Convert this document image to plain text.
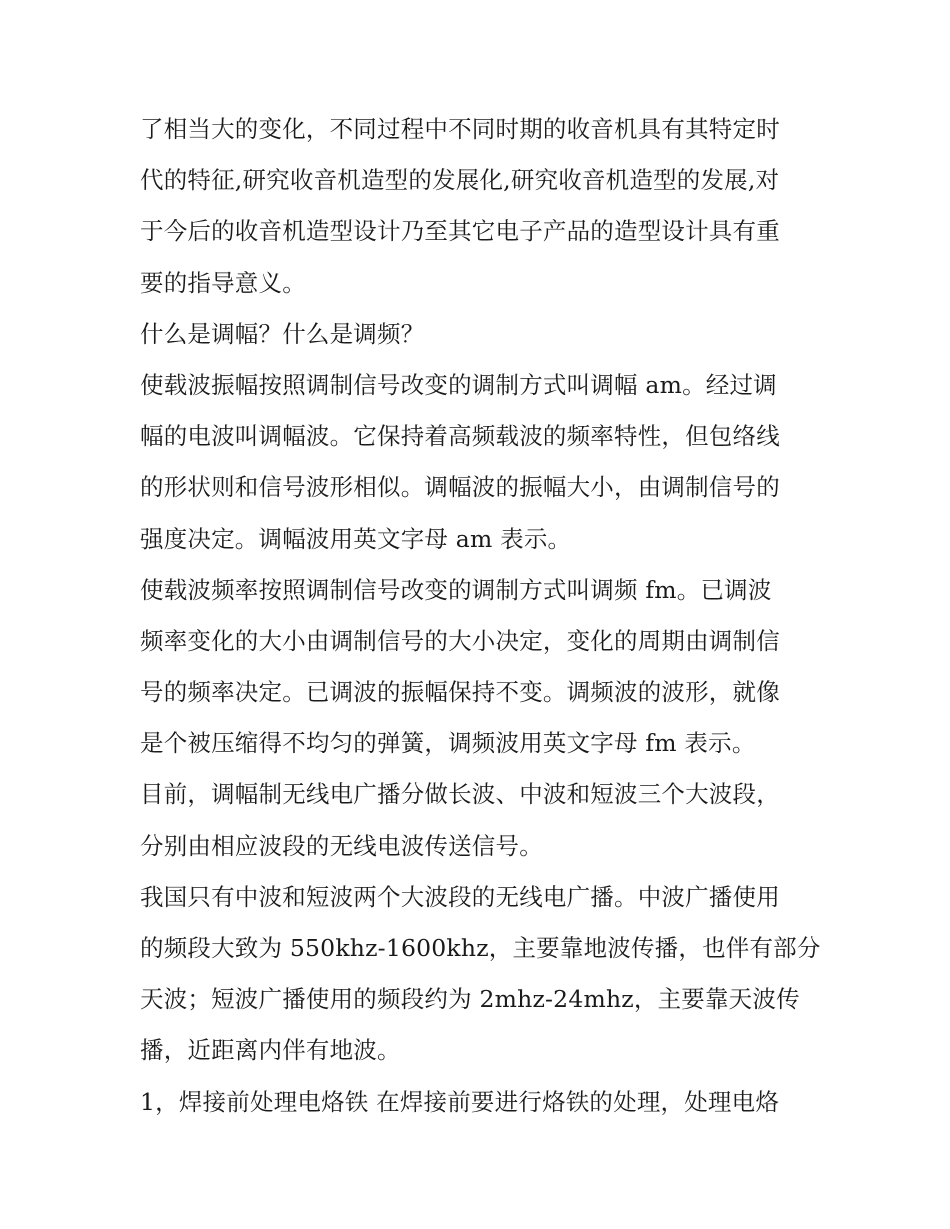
了相当大的变化，不同过程中不同时期的收音机具有其特定时
代的特征,研究收音机造型的发展化,研究收音机造型的发展,对
于今后的收音机造型设计乃至其它电子产品的造型设计具有重
要的指导意义。
什么是调幅？什么是调频？
使载波振幅按照调制信号改变的调制方式叫调幅 am。经过调
幅的电波叫调幅波。它保持着高频载波的频率特性，但包络线
的形状则和信号波形相似。调幅波的振幅大小，由调制信号的
强度决定。调幅波用英文字母 am 表示。
使载波频率按照调制信号改变的调制方式叫调频 fm。已调波
频率变化的大小由调制信号的大小决定，变化的周期由调制信
号的频率决定。已调波的振幅保持不变。调频波的波形，就像
是个被压缩得不均匀的弹簧，调频波用英文字母 fm 表示。
目前，调幅制无线电广播分做长波、中波和短波三个大波段，
分别由相应波段的无线电波传送信号。
我国只有中波和短波两个大波段的无线电广播。中波广播使用
的频段大致为 550khz-1600khz，主要靠地波传播，也伴有部分
天波；短波广播使用的频段约为 2mhz-24mhz，主要靠天波传
播，近距离内伴有地波。
1，焊接前处理电烙铁 在焊接前要进行烙铁的处理，处理电烙
